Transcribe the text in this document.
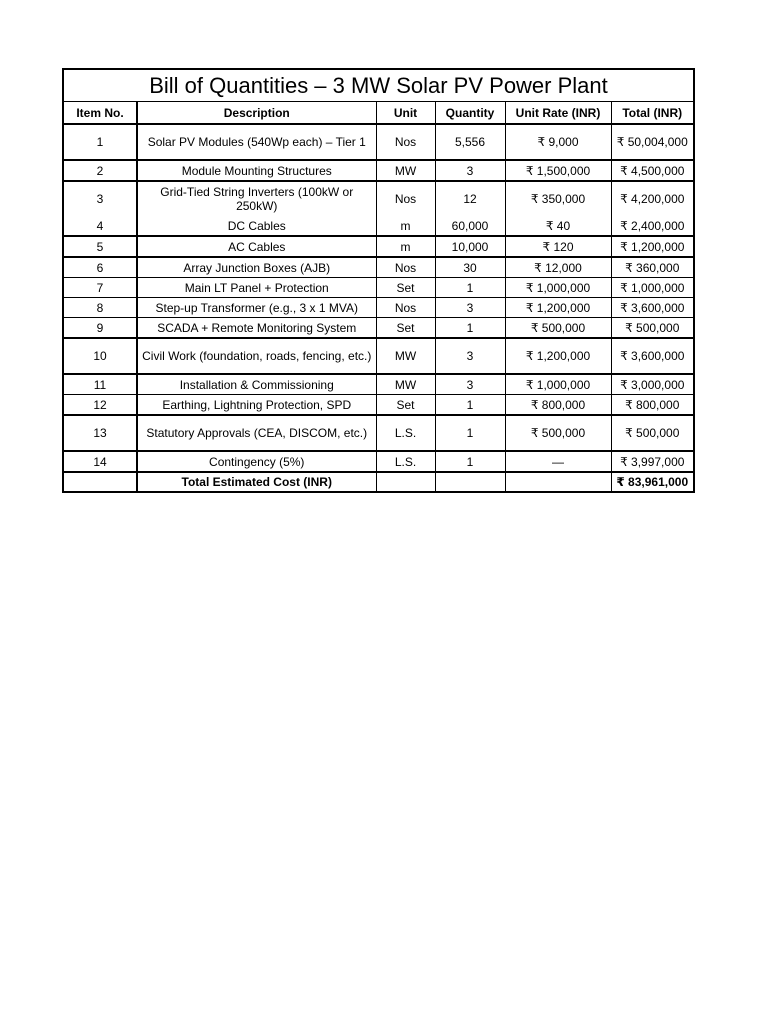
Bill of Quantities – 3 MW Solar PV Power Plant
Item No.	Description	Unit	Quantity	Unit Rate (INR)	Total (INR)
1	Solar PV Modules (540Wp each) – Tier 1	Nos	5,556	₹ 9,000	₹ 50,004,000
2	Module Mounting Structures	MW	3	₹ 1,500,000	₹ 4,500,000
3	Grid-Tied String Inverters (100kW or 250kW)	Nos	12	₹ 350,000	₹ 4,200,000
4	DC Cables	m	60,000	₹ 40	₹ 2,400,000
5	AC Cables	m	10,000	₹ 120	₹ 1,200,000
6	Array Junction Boxes (AJB)	Nos	30	₹ 12,000	₹ 360,000
7	Main LT Panel + Protection	Set	1	₹ 1,000,000	₹ 1,000,000
8	Step-up Transformer (e.g., 3 x 1 MVA)	Nos	3	₹ 1,200,000	₹ 3,600,000
9	SCADA + Remote Monitoring System	Set	1	₹ 500,000	₹ 500,000
10	Civil Work (foundation, roads, fencing, etc.)	MW	3	₹ 1,200,000	₹ 3,600,000
11	Installation & Commissioning	MW	3	₹ 1,000,000	₹ 3,000,000
12	Earthing, Lightning Protection, SPD	Set	1	₹ 800,000	₹ 800,000
13	Statutory Approvals (CEA, DISCOM, etc.)	L.S.	1	₹ 500,000	₹ 500,000
14	Contingency (5%)	L.S.	1	—	₹ 3,997,000
	Total Estimated Cost (INR)				₹ 83,961,000
